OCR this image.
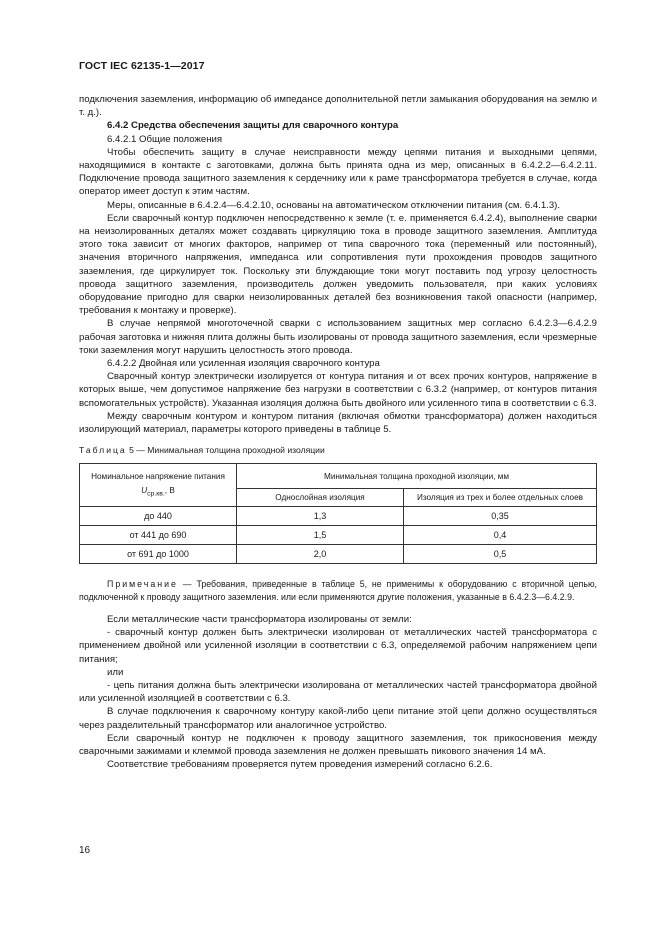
ГОСТ IEC 62135-1—2017

подключения заземления, информацию об импедансе дополнительной петли замыкания оборудования на землю и т. д.).

6.4.2 Средства обеспечения защиты для сварочного контура

6.4.2.1 Общие положения

Чтобы обеспечить защиту в случае неисправности между цепями питания и выходными цепями, находящимися в контакте с заготовками, должна быть принята одна из мер, описанных в 6.4.2.2—6.4.2.11. Подключение провода защитного заземления к сердечнику или к раме трансформатора требуется в случае, когда оператор имеет доступ к этим частям.

Меры, описанные в 6.4.2.4—6.4.2.10, основаны на автоматическом отключении питания (см. 6.4.1.3).

Если сварочный контур подключен непосредственно к земле (т. е. применяется 6.4.2.4), выполнение сварки на неизолированных деталях может создавать циркуляцию тока в проводе защитного заземления. Амплитуда этого тока зависит от многих факторов, например от типа сварочного тока (переменный или постоянный), значения вторичного напряжения, импеданса или сопротивления пути прохождения проводов защитного заземления, где циркулирует ток. Поскольку эти блуждающие токи могут поставить под угрозу целостность провода защитного заземления, производитель должен уведомить пользователя, при каких условиях оборудование пригодно для сварки неизолированных деталей без возникновения такой опасности (например, требования к монтажу и проверке).

В случае непрямой многоточечной сварки с использованием защитных мер согласно 6.4.2.3—6.4.2.9 рабочая заготовка и нижняя плита должны быть изолированы от провода защитного заземления, если чрезмерные токи заземления могут нарушить целостность этого провода.

6.4.2.2 Двойная или усиленная изоляция сварочного контура

Сварочный контур электрически изолируется от контура питания и от всех прочих контуров, напряжение в которых выше, чем допустимое напряжение без нагрузки в соответствии с 6.3.2 (например, от контуров питания вспомогательных устройств). Указанная изоляция должна быть двойного или усиленного типа в соответствии с 6.3.

Между сварочным контуром и контуром питания (включая обмотки трансформатора) должен находиться изолирующий материал, параметры которого приведены в таблице 5.

Таблица 5 — Минимальная толщина проходной изоляции

Номинальное напряжение питания
$U_{ср.кв.}$, В	Минимальная толщина проходной изоляции, мм	
	Однослойная изоляция	Изоляция из трех и более отдельных слоев
до 440	1,3	0,35
от 441 до 690	1,5	0,4
от 691 до 1000	2,0	0,5

Примечание — Требования, приведенные в таблице 5, не применимы к оборудованию с вторичной цепью, подключенной к проводу защитного заземления. или если применяются другие положения, указанные в 6.4.2.3—6.4.2.9.

Если металлические части трансформатора изолированы от земли:

- сварочный контур должен быть электрически изолирован от металлических частей трансформатора с применением двойной или усиленной изоляции в соответствии с 6.3, определяемой рабочим напряжением цепи питания;

или

- цепь питания должна быть электрически изолирована от металлических частей трансформатора двойной или усиленной изоляцией в соответствии с 6.3.

В случае подключения к сварочному контуру какой-либо цепи питание этой цепи должно осуществляться через разделительный трансформатор или аналогичное устройство.

Если сварочный контур не подключен к проводу защитного заземления, ток прикосновения между сварочными зажимами и клеммой провода заземления не должен превышать пикового значения 14 мА.

Соответствие требованиям проверяется путем проведения измерений согласно 6.2.6.

16
